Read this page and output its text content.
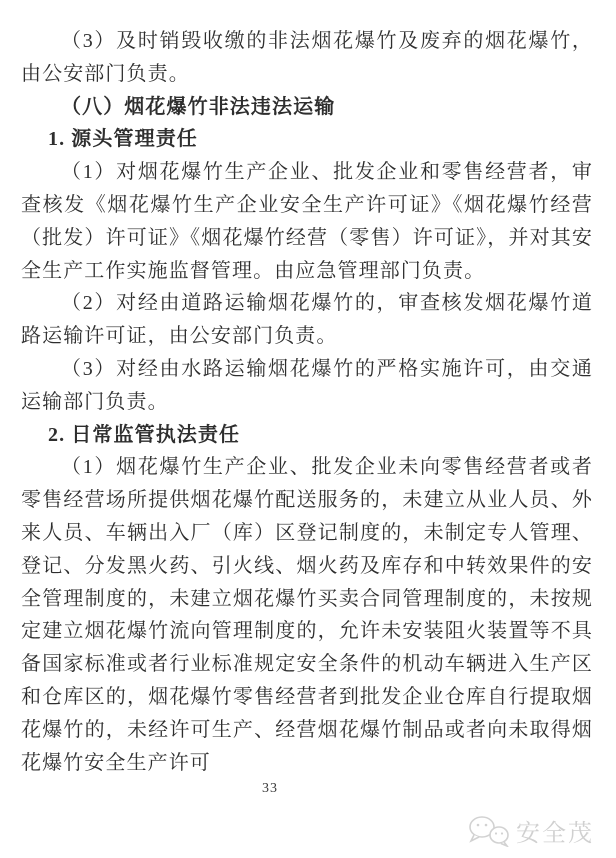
（3）及时销毁收缴的非法烟花爆竹及废弃的烟花爆竹，由公安部门负责。

（八）烟花爆竹非法违法运输

1. 源头管理责任

（1）对烟花爆竹生产企业、批发企业和零售经营者，审查核发《烟花爆竹生产企业安全生产许可证》《烟花爆竹经营（批发）许可证》《烟花爆竹经营（零售）许可证》，并对其安全生产工作实施监督管理。由应急管理部门负责。

（2）对经由道路运输烟花爆竹的，审查核发烟花爆竹道路运输许可证，由公安部门负责。

（3）对经由水路运输烟花爆竹的严格实施许可，由交通运输部门负责。

2. 日常监管执法责任

（1）烟花爆竹生产企业、批发企业未向零售经营者或者零售经营场所提供烟花爆竹配送服务的，未建立从业人员、外来人员、车辆出入厂（库）区登记制度的，未制定专人管理、登记、分发黑火药、引火线、烟火药及库存和中转效果件的安全管理制度的，未建立烟花爆竹买卖合同管理制度的，未按规定建立烟花爆竹流向管理制度的，允许未安装阻火装置等不具备国家标准或者行业标准规定安全条件的机动车辆进入生产区和仓库区的，烟花爆竹零售经营者到批发企业仓库自行提取烟花爆竹的，未经许可生产、经营烟花爆竹制品或者向未取得烟花爆竹安全生产许可

33
安全茂
